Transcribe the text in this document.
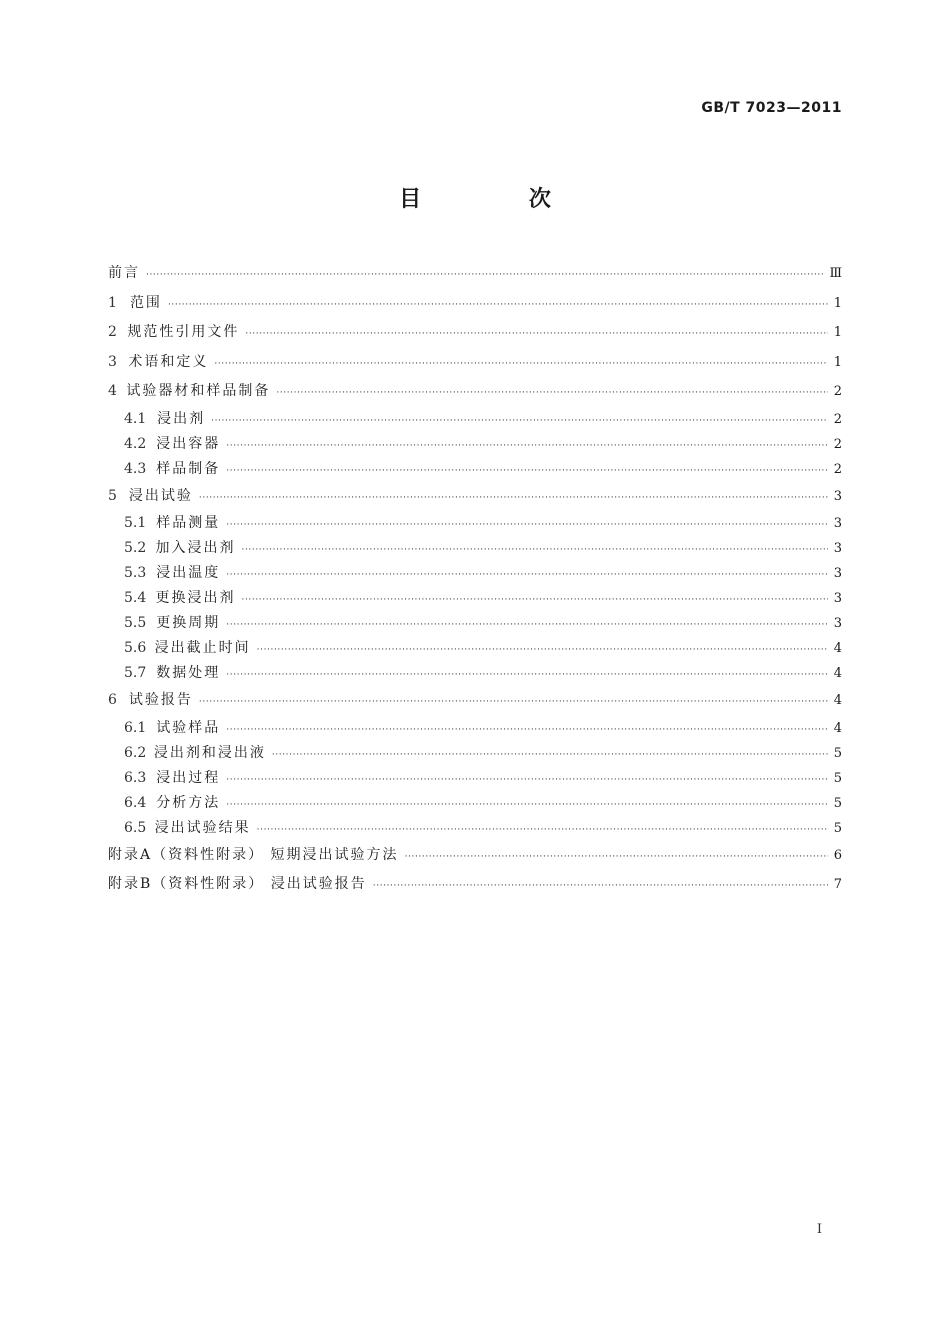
GB/T 7023—2011
目 次
前言 ·····	Ⅲ
1 范围 ·····	1
2 规范性引用文件 ·····	1
3 术语和定义 ·····	1
4 试验器材和样品制备 ·····	2
4.1 浸出剂 ·····	2
4.2 浸出容器 ·····	2
4.3 样品制备 ·····	2
5 浸出试验 ·····	3
5.1 样品测量 ·····	3
5.2 加入浸出剂 ·····	3
5.3 浸出温度 ·····	3
5.4 更换浸出剂 ·····	3
5.5 更换周期 ·····	3
5.6 浸出截止时间 ·····	4
5.7 数据处理 ·····	4
6 试验报告 ·····	4
6.1 试验样品 ·····	4
6.2 浸出剂和浸出液 ·····	5
6.3 浸出过程 ·····	5
6.4 分析方法 ·····	5
6.5 浸出试验结果 ·····	5
附录A（资料性附录） 短期浸出试验方法 ·····	6
附录B（资料性附录） 浸出试验报告 ·····	7
I
